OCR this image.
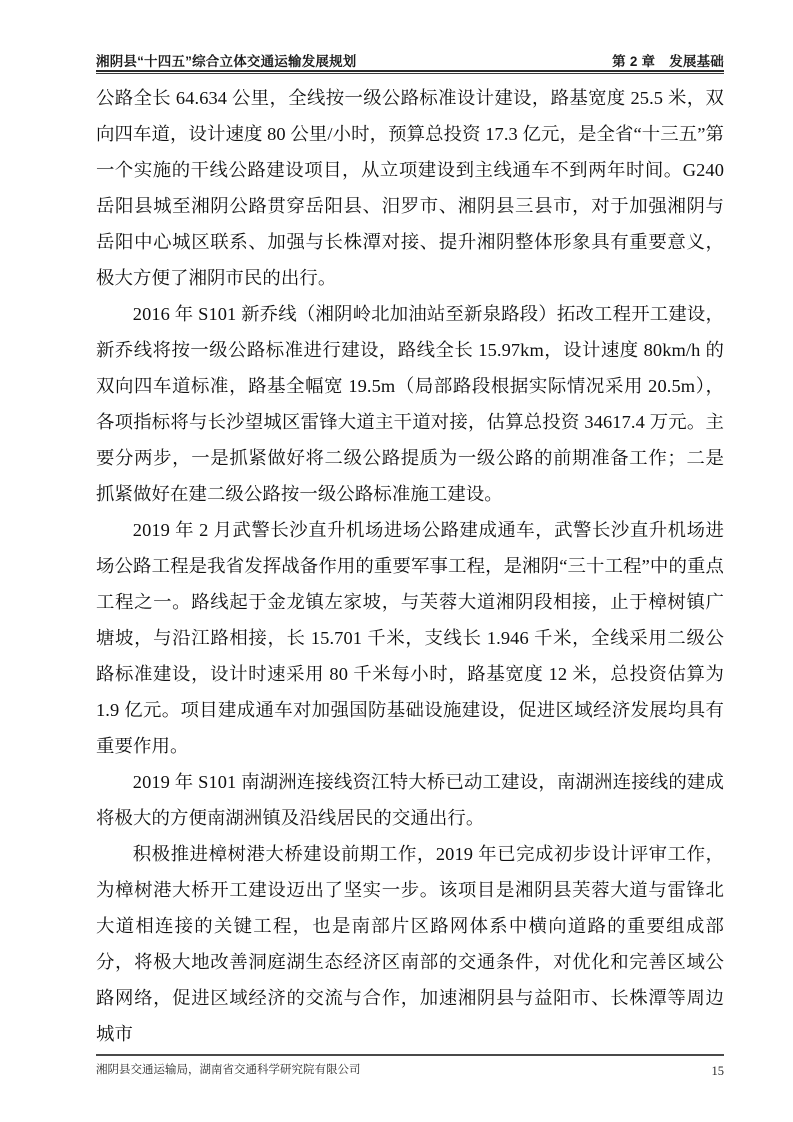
湘阴县“十四五”综合立体交通运输发展规划	第 2 章 发展基础

公路全长 64.634 公里，全线按一级公路标准设计建设，路基宽度 25.5 米，双向四车道，设计速度 80 公里/小时，预算总投资 17.3 亿元，是全省“十三五”第一个实施的干线公路建设项目，从立项建设到主线通车不到两年时间。G240 岳阳县城至湘阴公路贯穿岳阳县、汨罗市、湘阴县三县市，对于加强湘阴与岳阳中心城区联系、加强与长株潭对接、提升湘阴整体形象具有重要意义，极大方便了湘阴市民的出行。

2016 年 S101 新乔线（湘阴岭北加油站至新泉路段）拓改工程开工建设，新乔线将按一级公路标准进行建设，路线全长 15.97km，设计速度 80km/h 的双向四车道标准，路基全幅宽 19.5m（局部路段根据实际情况采用 20.5m），各项指标将与长沙望城区雷锋大道主干道对接，估算总投资 34617.4 万元。主要分两步，一是抓紧做好将二级公路提质为一级公路的前期准备工作；二是抓紧做好在建二级公路按一级公路标准施工建设。

2019 年 2 月武警长沙直升机场进场公路建成通车，武警长沙直升机场进场公路工程是我省发挥战备作用的重要军事工程，是湘阴“三十工程”中的重点工程之一。路线起于金龙镇左家坡，与芙蓉大道湘阴段相接，止于樟树镇广塘坡，与沿江路相接，长 15.701 千米，支线长 1.946 千米，全线采用二级公路标准建设，设计时速采用 80 千米每小时，路基宽度 12 米，总投资估算为 1.9 亿元。项目建成通车对加强国防基础设施建设，促进区域经济发展均具有重要作用。

2019 年 S101 南湖洲连接线资江特大桥已动工建设，南湖洲连接线的建成将极大的方便南湖洲镇及沿线居民的交通出行。

积极推进樟树港大桥建设前期工作，2019 年已完成初步设计评审工作，为樟树港大桥开工建设迈出了坚实一步。该项目是湘阴县芙蓉大道与雷锋北大道相连接的关键工程，也是南部片区路网体系中横向道路的重要组成部分，将极大地改善洞庭湖生态经济区南部的交通条件，对优化和完善区域公路网络，促进区域经济的交流与合作，加速湘阴县与益阳市、长株潭等周边城市

湘阴县交通运输局，湖南省交通科学研究院有限公司	15
